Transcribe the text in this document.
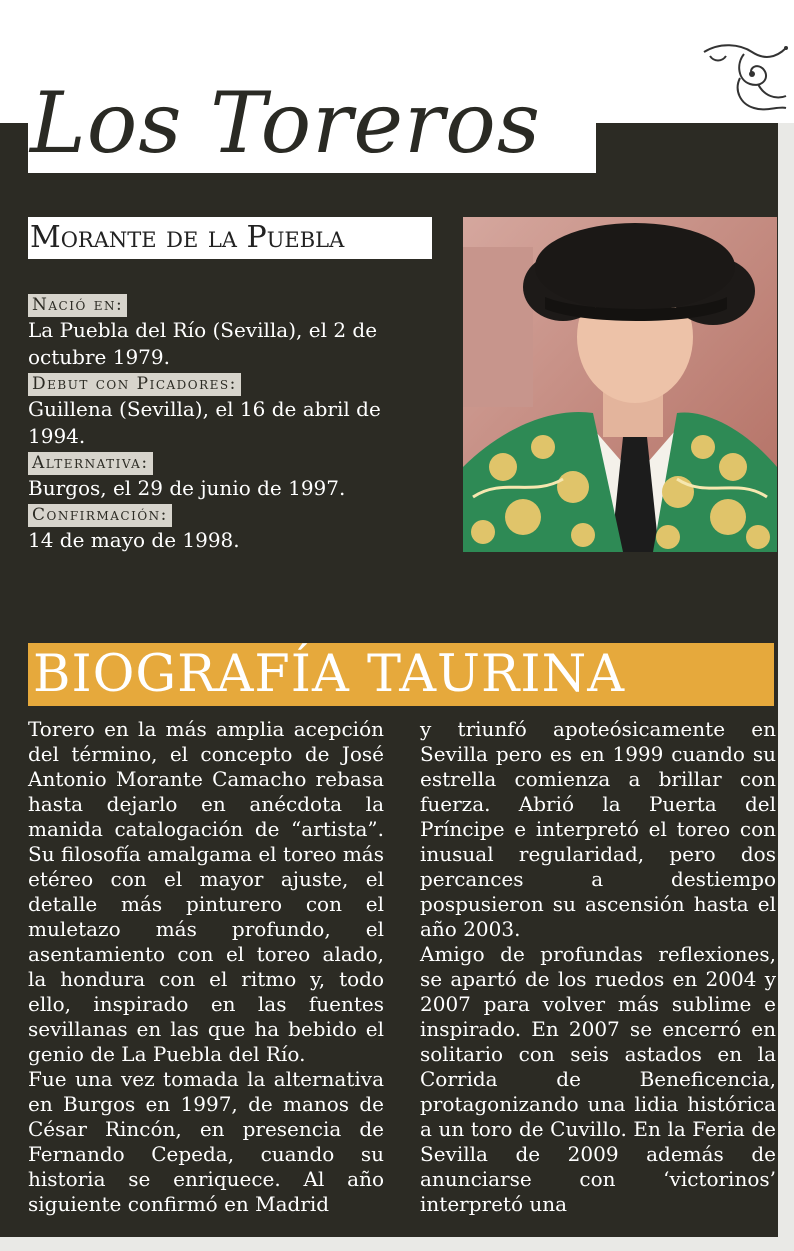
Los Toreros
Morante de la Puebla
Nació en:
La Puebla del Río (Sevilla), el 2 de octubre 1979.
Debut con Picadores:
Guillena (Sevilla), el 16 de abril de 1994.
Alternativa:
Burgos, el 29 de junio de 1997.
Confirmación:
14 de mayo de 1998.
BIOGRAFÍA TAURINA

Torero en la más amplia acepción del término, el concepto de José Antonio Morante Camacho rebasa hasta dejarlo en anécdota la manida catalogación de “artista”. Su filosofía amalgama el toreo más etéreo con el mayor ajuste, el detalle más pinturero con el muletazo más profundo, el asentamiento con el toreo alado, la hondura con el ritmo y, todo ello, inspirado en las fuentes sevillanas en las que ha bebido el genio de La Puebla del Río.

Fue una vez tomada la alternativa en Burgos en 1997, de manos de César Rincón, en presencia de Fernando Cepeda, cuando su historia se enriquece. Al año siguiente confirmó en Madrid

y triunfó apoteósicamente en Sevilla pero es en 1999 cuando su estrella comienza a brillar con fuerza. Abrió la Puerta del Príncipe e interpretó el toreo con inusual regularidad, pero dos percances a destiempo pospusieron su ascensión hasta el año 2003.

Amigo de profundas reflexiones, se apartó de los ruedos en 2004 y 2007 para volver más sublime e inspirado. En 2007 se encerró en solitario con seis astados en la Corrida de Beneficencia, protagonizando una lidia histórica a un toro de Cuvillo. En la Feria de Sevilla de 2009 además de anunciarse con ‘victorinos’ interpretó una
